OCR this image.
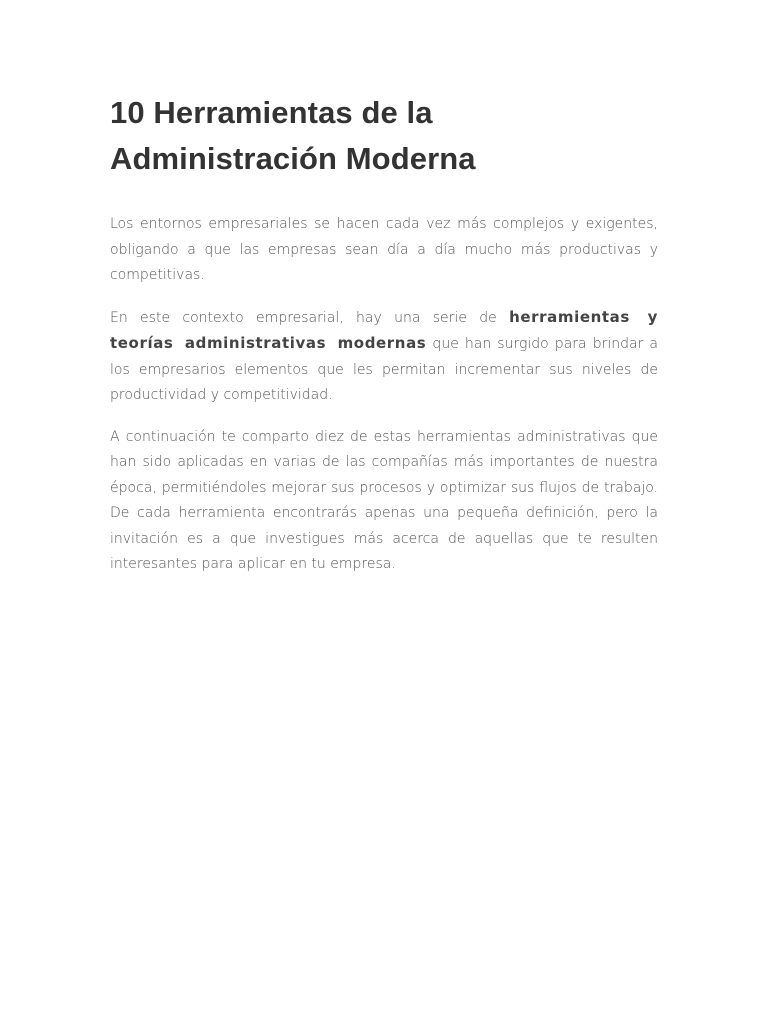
10 Herramientas de la
Administración Moderna

Los entornos empresariales se hacen cada vez más complejos y exigentes, obligando a que las empresas sean día a día mucho más productivas y competitivas.

En este contexto empresarial, hay una serie de herramientas y teorías administrativas modernas que han surgido para brindar a los empresarios elementos que les permitan incrementar sus niveles de productividad y competitividad.

A continuación te comparto diez de estas herramientas administrativas que han sido aplicadas en varias de las compañías más importantes de nuestra época, permitiéndoles mejorar sus procesos y optimizar sus flujos de trabajo. De cada herramienta encontrarás apenas una pequeña definición, pero la invitación es a que investigues más acerca de aquellas que te resulten interesantes para aplicar en tu empresa.
